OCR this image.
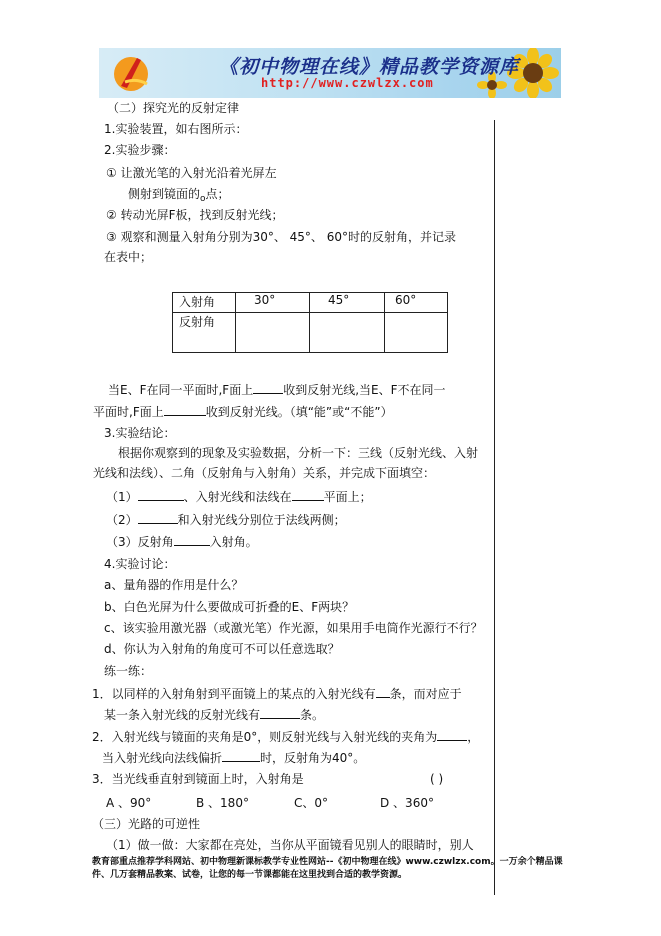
《初中物理在线》精品教学资源库
http://www.czwlzx.com
（二）探究光的反射定律
1.实验装置，如右图所示：
2.实验步骤：
① 让激光笔的入射光沿着光屏左
侧射到镜面的$_o$点；
② 转动光屏F板，找到反射光线；
③ 观察和测量入射角分别为30°、 45°、 60°时的反射角，并记录
在表中；
入射角	30°	45°	60°
反射角			
当E、F在同一平面时,F面上	收到反射光线,当E、F不在同一
平面时,F面上	收到反射光线。（填“能”或“不能”）
3.实验结论：
根据你观察到的现象及实验数据，分析一下：三线（反射光线、入射
光线和法线）、二角（反射角与入射角）关系，并完成下面填空：
（1）	、入射光线和法线在	平面上；
（2）	和入射光线分别位于法线两侧；
（3）反射角	入射角。
4.实验讨论：
a、量角器的作用是什么？
b、白色光屏为什么要做成可折叠的E、F两块？
c、该实验用激光器（或激光笔）作光源，如果用手电筒作光源行不行？
d、你认为入射角的角度可不可以任意选取？
练一练：
1．以同样的入射角射到平面镜上的某点的入射光线有 条，而对应于
某一条入射光线的反射光线有	条。
2．入射光线与镜面的夹角是0°，则反射光线与入射光线的夹角为	，
当入射光线向法线偏折	时，反射角为40°。
3．当光线垂直射到镜面上时，入射角是	( )
A 、90°	B 、180°	C、0°	D 、360°
（三）光路的可逆性
（1）做一做：大家都在亮处，当你从平面镜看见别人的眼睛时，别人
教育部重点推荐学科网站、初中物理新课标教学专业性网站--《初中物理在线》www.czwlzx.com。一万余个精品课
件、几万套精品教案、试卷，让您的每一节课都能在这里找到合适的教学资源。
